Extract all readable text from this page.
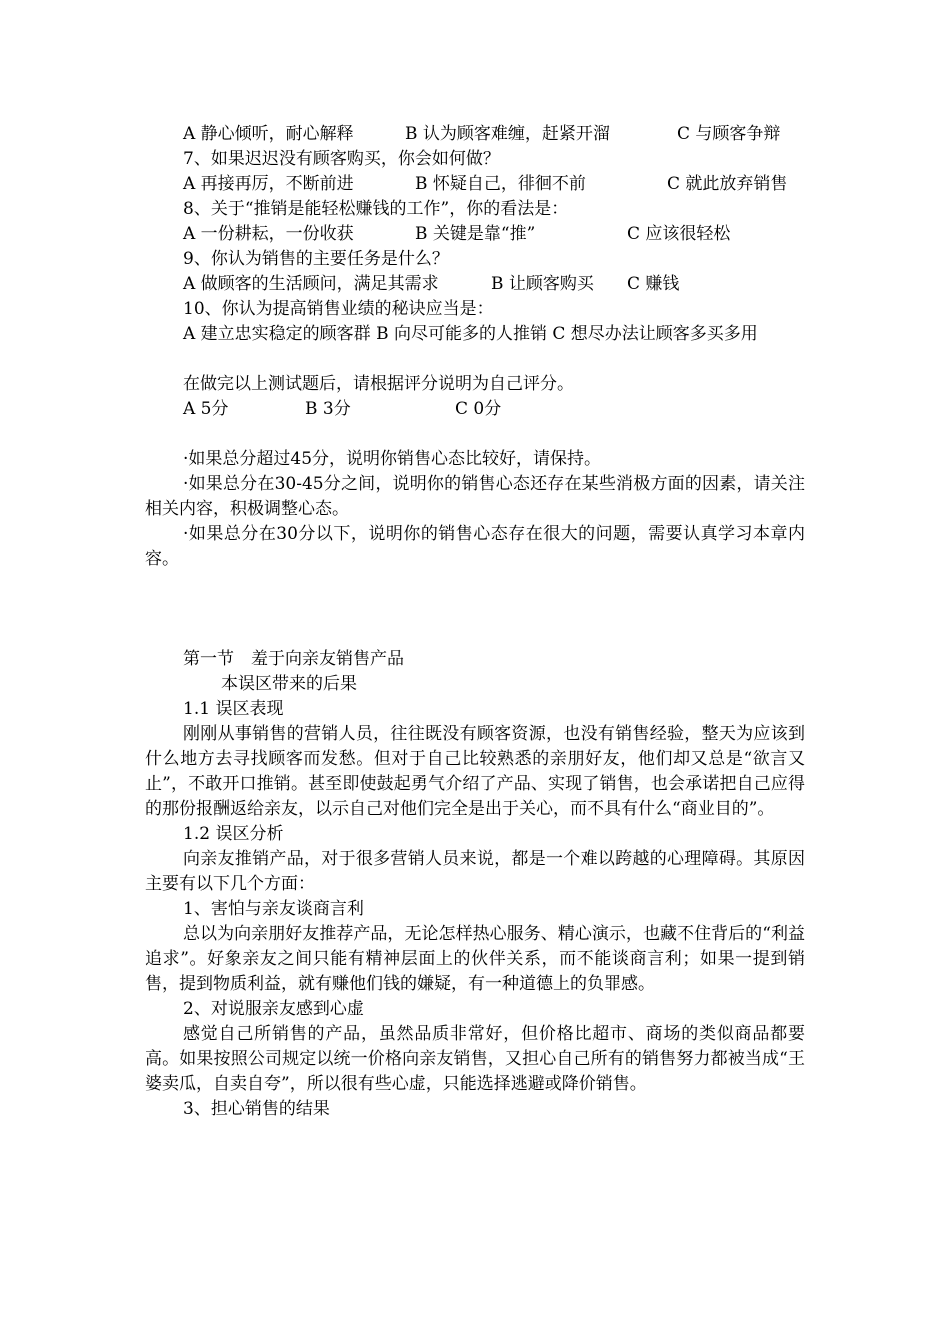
A 静心倾听，耐心解释	B 认为顾客难缠，赶紧开溜	C 与顾客争辩
7、如果迟迟没有顾客购买，你会如何做？
A 再接再厉，不断前进	B 怀疑自己，徘徊不前	C 就此放弃销售
8、关于“推销是能轻松赚钱的工作”，你的看法是：
A 一份耕耘，一份收获	B 关键是靠“推”	C 应该很轻松
9、你认为销售的主要任务是什么？
A 做顾客的生活顾问，满足其需求	B 让顾客购买 C 赚钱
10、你认为提高销售业绩的秘诀应当是：

A 建立忠实稳定的顾客群 B 向尽可能多的人推销 C 想尽办法让顾客多买多用

在做完以上测试题后，请根据评分说明为自己评分。
A 5分	B 3分	C 0分

·如果总分超过45分，说明你销售心态比较好，请保持。

·如果总分在30-45分之间，说明你的销售心态还存在某些消极方面的因素，请关注相关内容，积极调整心态。

·如果总分在30分以下，说明你的销售心态存在很大的问题，需要认真学习本章内容。

第一节　羞于向亲友销售产品
本误区带来的后果
1.1 误区表现

刚刚从事销售的营销人员，往往既没有顾客资源，也没有销售经验，整天为应该到什么地方去寻找顾客而发愁。但对于自己比较熟悉的亲朋好友，他们却又总是“欲言又止”，不敢开口推销。甚至即使鼓起勇气介绍了产品、实现了销售，也会承诺把自己应得的那份报酬返给亲友，以示自己对他们完全是出于关心，而不具有什么“商业目的”。

1.2 误区分析

向亲友推销产品，对于很多营销人员来说，都是一个难以跨越的心理障碍。其原因主要有以下几个方面：

1、害怕与亲友谈商言利

总以为向亲朋好友推荐产品，无论怎样热心服务、精心演示，也藏不住背后的“利益追求”。好象亲友之间只能有精神层面上的伙伴关系，而不能谈商言利；如果一提到销售，提到物质利益，就有赚他们钱的嫌疑，有一种道德上的负罪感。

2、对说服亲友感到心虚

感觉自己所销售的产品，虽然品质非常好，但价格比超市、商场的类似商品都要高。如果按照公司规定以统一价格向亲友销售，又担心自己所有的销售努力都被当成“王婆卖瓜，自卖自夸”，所以很有些心虚，只能选择逃避或降价销售。

3、担心销售的结果
